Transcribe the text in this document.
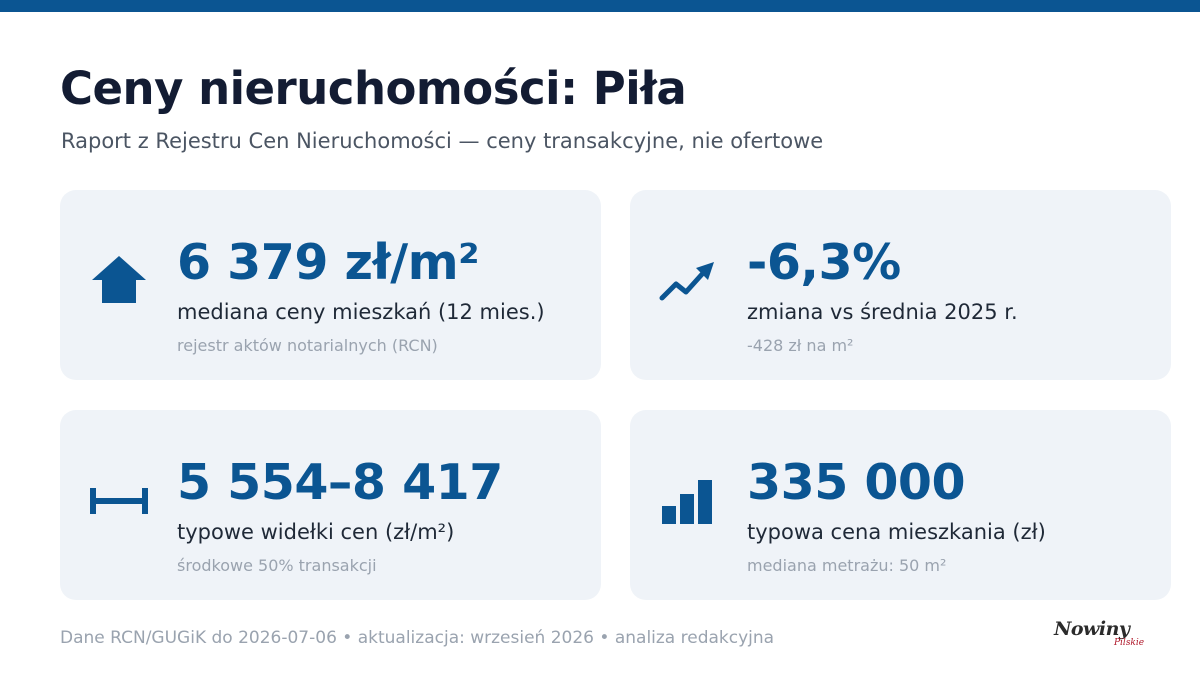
Ceny nieruchomości: Piła
Raport z Rejestru Cen Nieruchomości — ceny transakcyjne, nie ofertowe
6 379 zł/m²
mediana ceny mieszkań (12 mies.)
rejestr aktów notarialnych (RCN)
-6,3%
zmiana vs średnia 2025 r.
-428 zł na m²
5 554–8 417
typowe widełki cen (zł/m²)
środkowe 50% transakcji
335 000
typowa cena mieszkania (zł)
mediana metrażu: 50 m²
Dane RCN/GUGiK do 2026-07-06 • aktualizacja: wrzesień 2026 • analiza redakcyjna	Nowiny
Pilskie
